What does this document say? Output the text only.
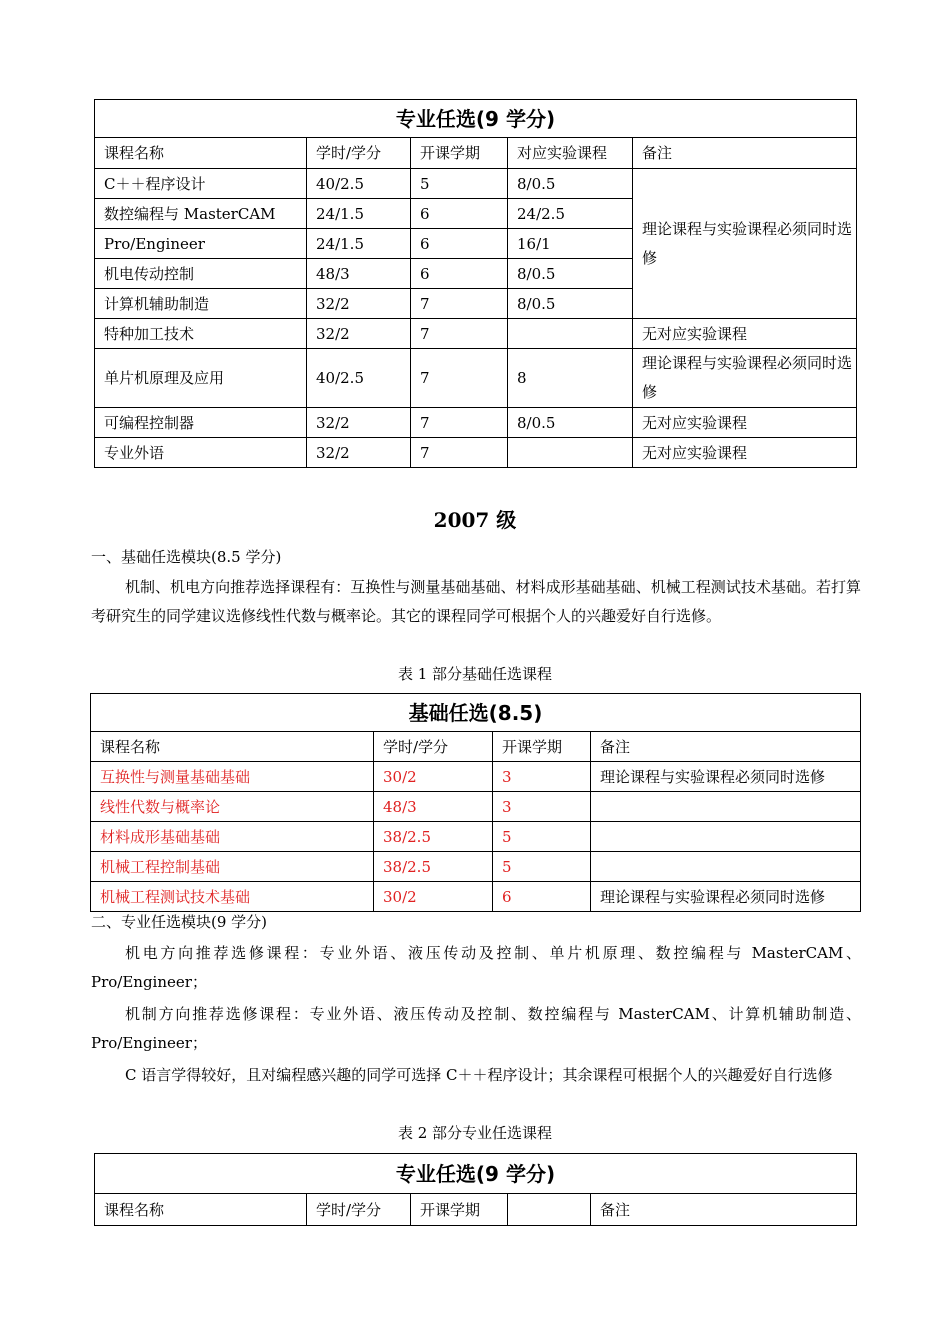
专业任选(9 学分)				
课程名称	学时/学分	开课学期	对应实验课程	备注
C＋＋程序设计	40/2.5	5	8/0.5	理论课程与实验课程必须同时选修
数控编程与 MasterCAM	24/1.5	6	24/2.5	
Pro/Engineer	24/1.5	6	16/1	
机电传动控制	48/3	6	8/0.5	
计算机辅助制造	32/2	7	8/0.5	
特种加工技术	32/2	7		无对应实验课程
单片机原理及应用	40/2.5	7	8	理论课程与实验课程必须同时选修
可编程控制器	32/2	7	8/0.5	无对应实验课程
专业外语	32/2	7		无对应实验课程
2007 级
一、基础任选模块(8.5 学分)
机制、机电方向推荐选择课程有：互换性与测量基础基础、材料成形基础基础、机械工程测试技术基础。若打算考研究生的同学建议选修线性代数与概率论。其它的课程同学可根据个人的兴趣爱好自行选修。
表 1 部分基础任选课程
基础任选(8.5)			
课程名称	学时/学分	开课学期	备注
互换性与测量基础基础	30/2	3	理论课程与实验课程必须同时选修
线性代数与概率论	48/3	3	
材料成形基础基础	38/2.5	5	
机械工程控制基础	38/2.5	5	
机械工程测试技术基础	30/2	6	理论课程与实验课程必须同时选修
二、专业任选模块(9 学分)
机电方向推荐选修课程：专业外语、液压传动及控制、单片机原理、数控编程与 MasterCAM、Pro/Engineer；
机制方向推荐选修课程：专业外语、液压传动及控制、数控编程与 MasterCAM、计算机辅助制造、Pro/Engineer；
C 语言学得较好，且对编程感兴趣的同学可选择 C＋＋程序设计；其余课程可根据个人的兴趣爱好自行选修
表 2 部分专业任选课程
专业任选(9 学分)
课程名称	学时/学分	开课学期		备注
